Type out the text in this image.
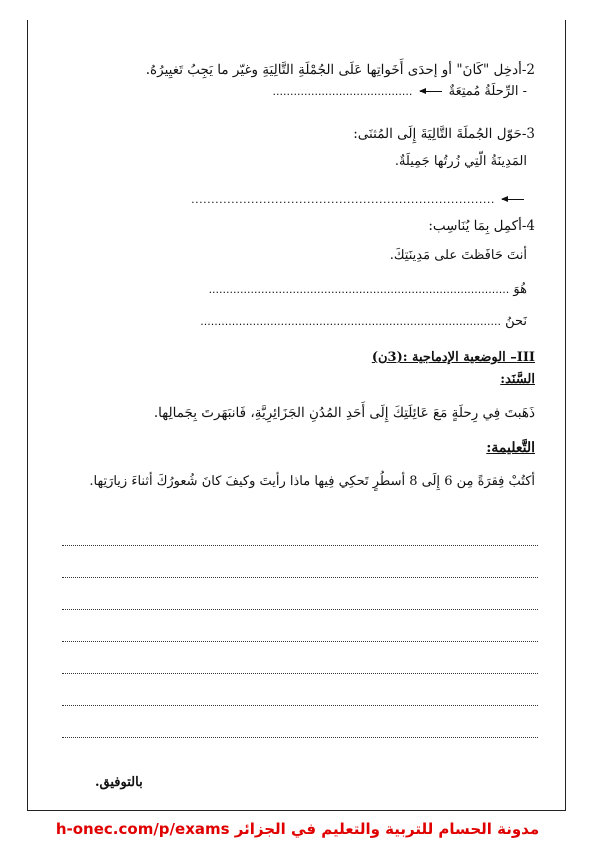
2-أدخِل "كَانَ" أو إحدَى أَخَواتِها عَلَى الجُمْلَةِ التَّالِيَةِ وغيّر ما يَجِبُ تَغيِيرُهُ.
- الرِّحلَةُ مُمتِعَةٌ  ........................................
3-حَوّل الجُملَةَ التَّالِيَةَ إِلَى المُثنَى:
المَدِينَةُ الّتِي زُرتُها جَمِيلَةٌ.
............................................................................
4-أكمِل بِمَا يُنَاسِب:
أنتَ حَافَظتَ على مَدِينَتِكَ.
هُوَ ......................................................................................
نَحنُ ......................................................................................
III– الوضعية الإدماجية :(3ن)
السَّنَد:
ذَهَبتَ فِي رِحلَةٍ مَعَ عَائِلَتِكَ إِلَى أَحَدِ المُدُنِ الجَزَائِرِيَّةِ، فَانبَهَرتَ بِجَمالِها.
التَّعليمة:
أكتُبْ فِقرَةً مِن 6 إِلَى 8 أسطُرٍ تَحكِي فِيها ماذا رأيتَ وكيفَ كانَ شُعورُكَ أثناءَ زيارَتِها.
بالتوفيق.
مدونة الحسام للتربية والتعليم في الجزائر h-onec.com/p/exams
